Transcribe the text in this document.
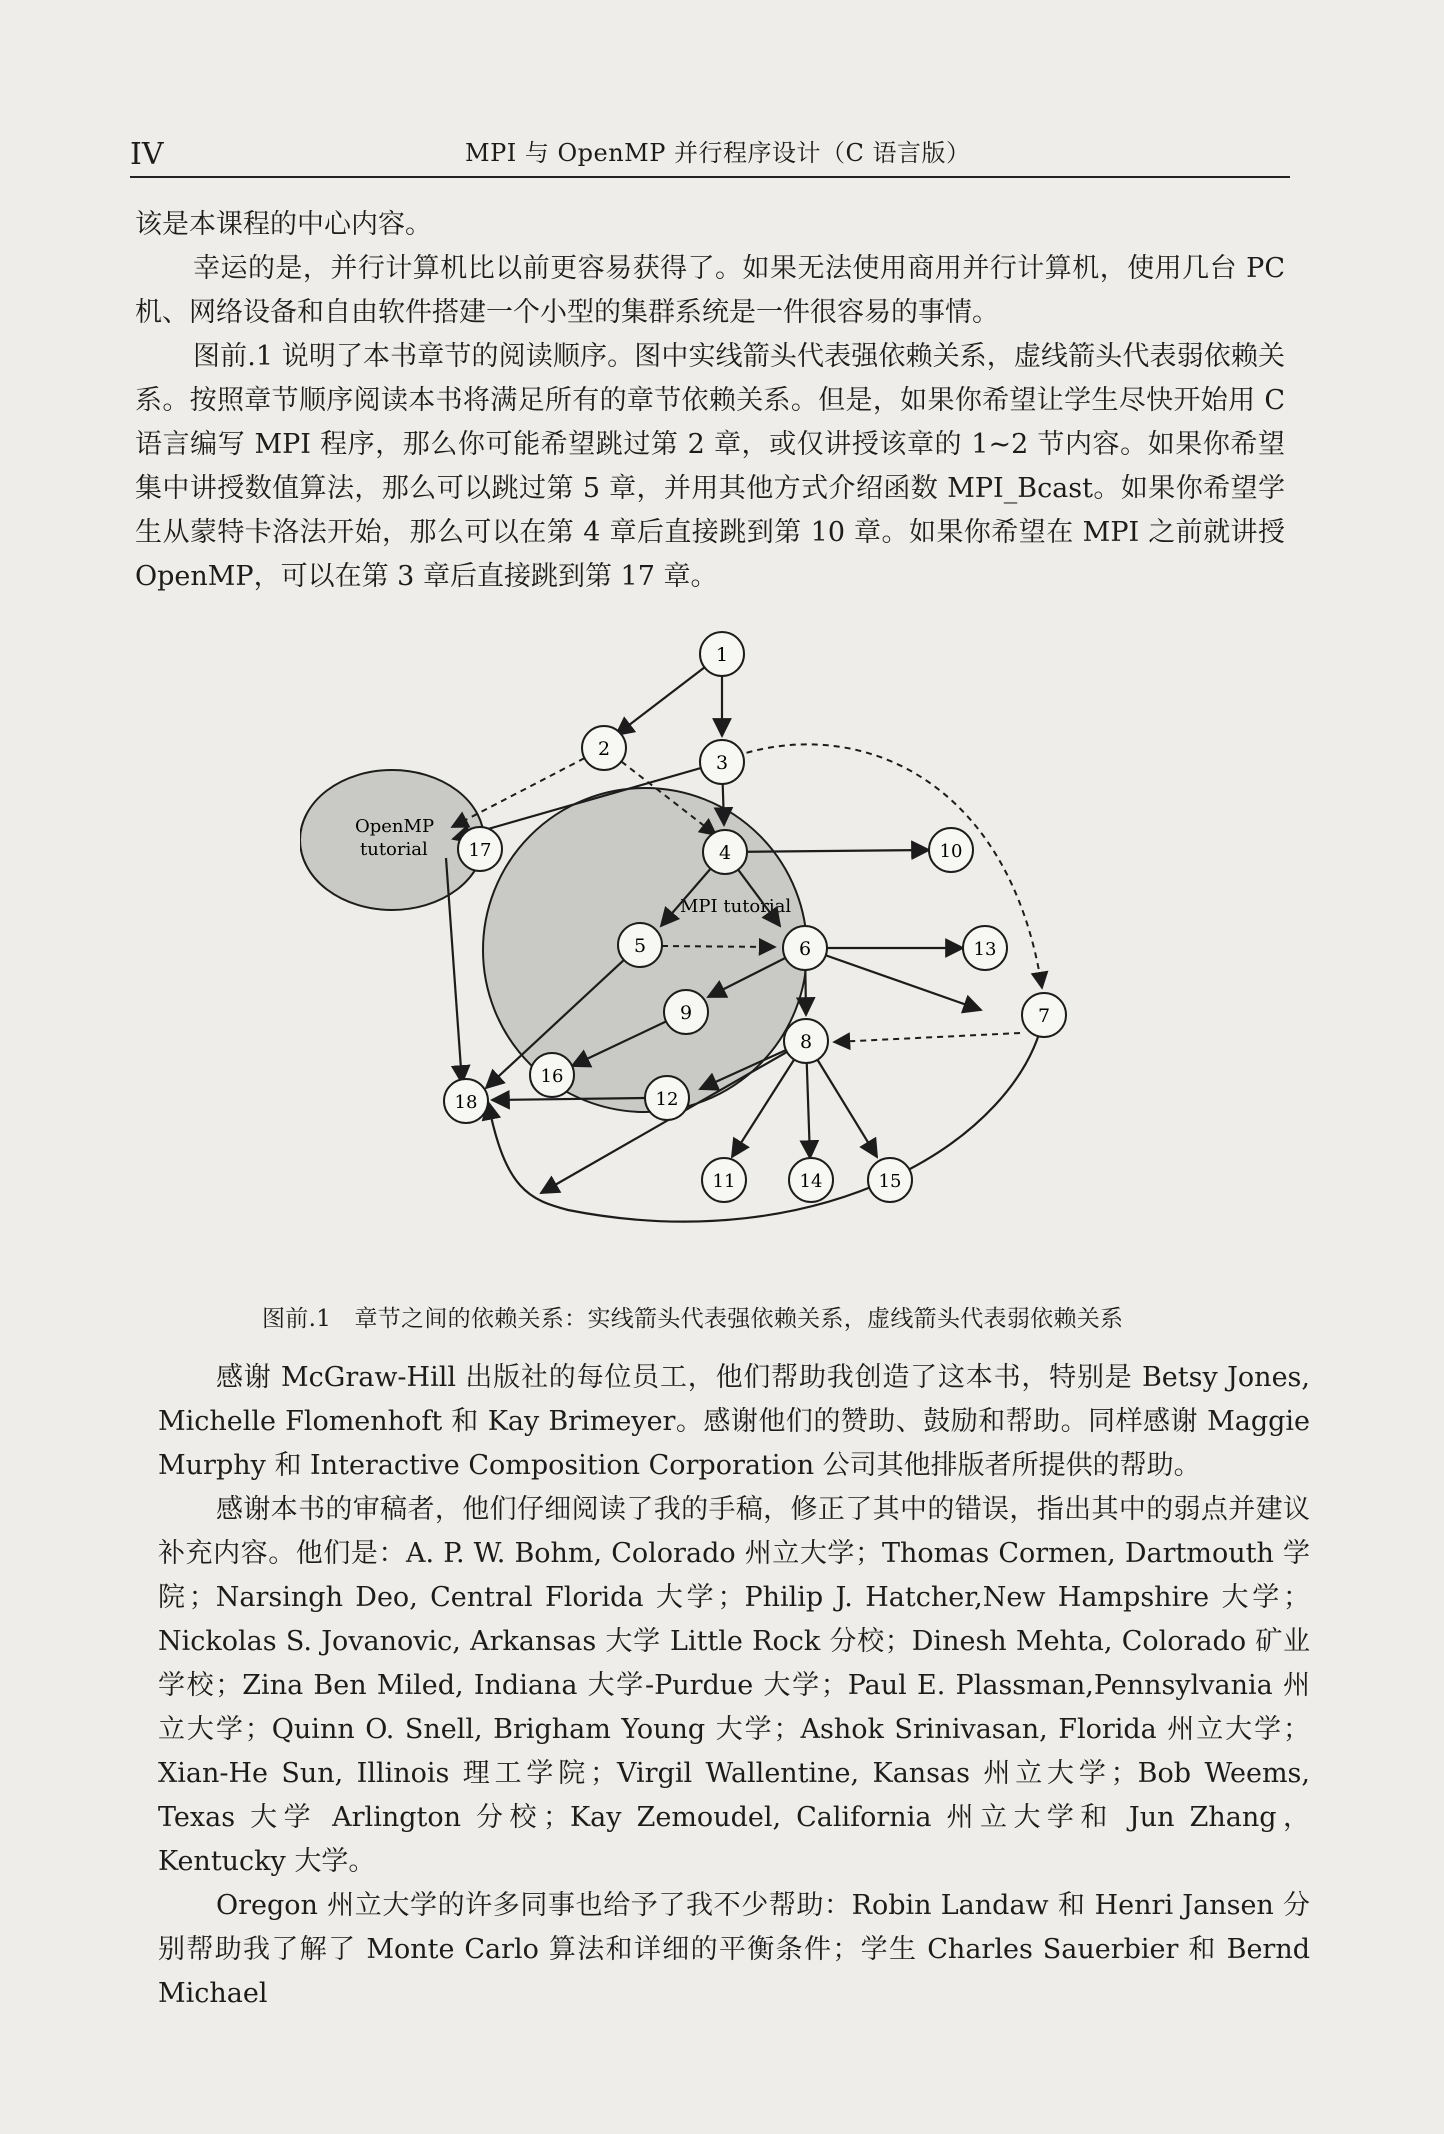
IV	MPI 与 OpenMP 并行程序设计（C 语言版）

该是本课程的中心内容。

幸运的是，并行计算机比以前更容易获得了。如果无法使用商用并行计算机，使用几台 PC 机、网络设备和自由软件搭建一个小型的集群系统是一件很容易的事情。

图前.1 说明了本书章节的阅读顺序。图中实线箭头代表强依赖关系，虚线箭头代表弱依赖关系。按照章节顺序阅读本书将满足所有的章节依赖关系。但是，如果你希望让学生尽快开始用 C 语言编写 MPI 程序，那么你可能希望跳过第 2 章，或仅讲授该章的 1~2 节内容。如果你希望集中讲授数值算法，那么可以跳过第 5 章，并用其他方式介绍函数 MPI_Bcast。如果你希望学生从蒙特卡洛法开始，那么可以在第 4 章后直接跳到第 10 章。如果你希望在 MPI 之前就讲授 OpenMP，可以在第 3 章后直接跳到第 17 章。

OpenMP
tutorial
MPI tutorial
1
2
3
4
5	6
7
8
9
10
11
12
13
14	15
16
17
18
图前.1　章节之间的依赖关系：实线箭头代表强依赖关系，虚线箭头代表弱依赖关系

感谢 McGraw-Hill 出版社的每位员工，他们帮助我创造了这本书，特别是 Betsy Jones, Michelle Flomenhoft 和 Kay Brimeyer。感谢他们的赞助、鼓励和帮助。同样感谢 Maggie Murphy 和 Interactive Composition Corporation 公司其他排版者所提供的帮助。

感谢本书的审稿者，他们仔细阅读了我的手稿，修正了其中的错误，指出其中的弱点并建议补充内容。他们是：A. P. W. Bohm, Colorado 州立大学；Thomas Cormen, Dartmouth 学院；Narsingh Deo, Central Florida 大学；Philip J. Hatcher,New Hampshire 大学；Nickolas S. Jovanovic, Arkansas 大学 Little Rock 分校；Dinesh Mehta, Colorado 矿业学校；Zina Ben Miled, Indiana 大学-Purdue 大学；Paul E. Plassman,Pennsylvania 州立大学；Quinn O. Snell, Brigham Young 大学；Ashok Srinivasan, Florida 州立大学；Xian-He Sun, Illinois 理工学院；Virgil Wallentine, Kansas 州立大学；Bob Weems, Texas 大学 Arlington 分校；Kay Zemoudel, California 州立大学和 Jun Zhang，Kentucky 大学。

Oregon 州立大学的许多同事也给予了我不少帮助：Robin Landaw 和 Henri Jansen 分别帮助我了解了 Monte Carlo 算法和详细的平衡条件；学生 Charles Sauerbier 和 Bernd Michael
